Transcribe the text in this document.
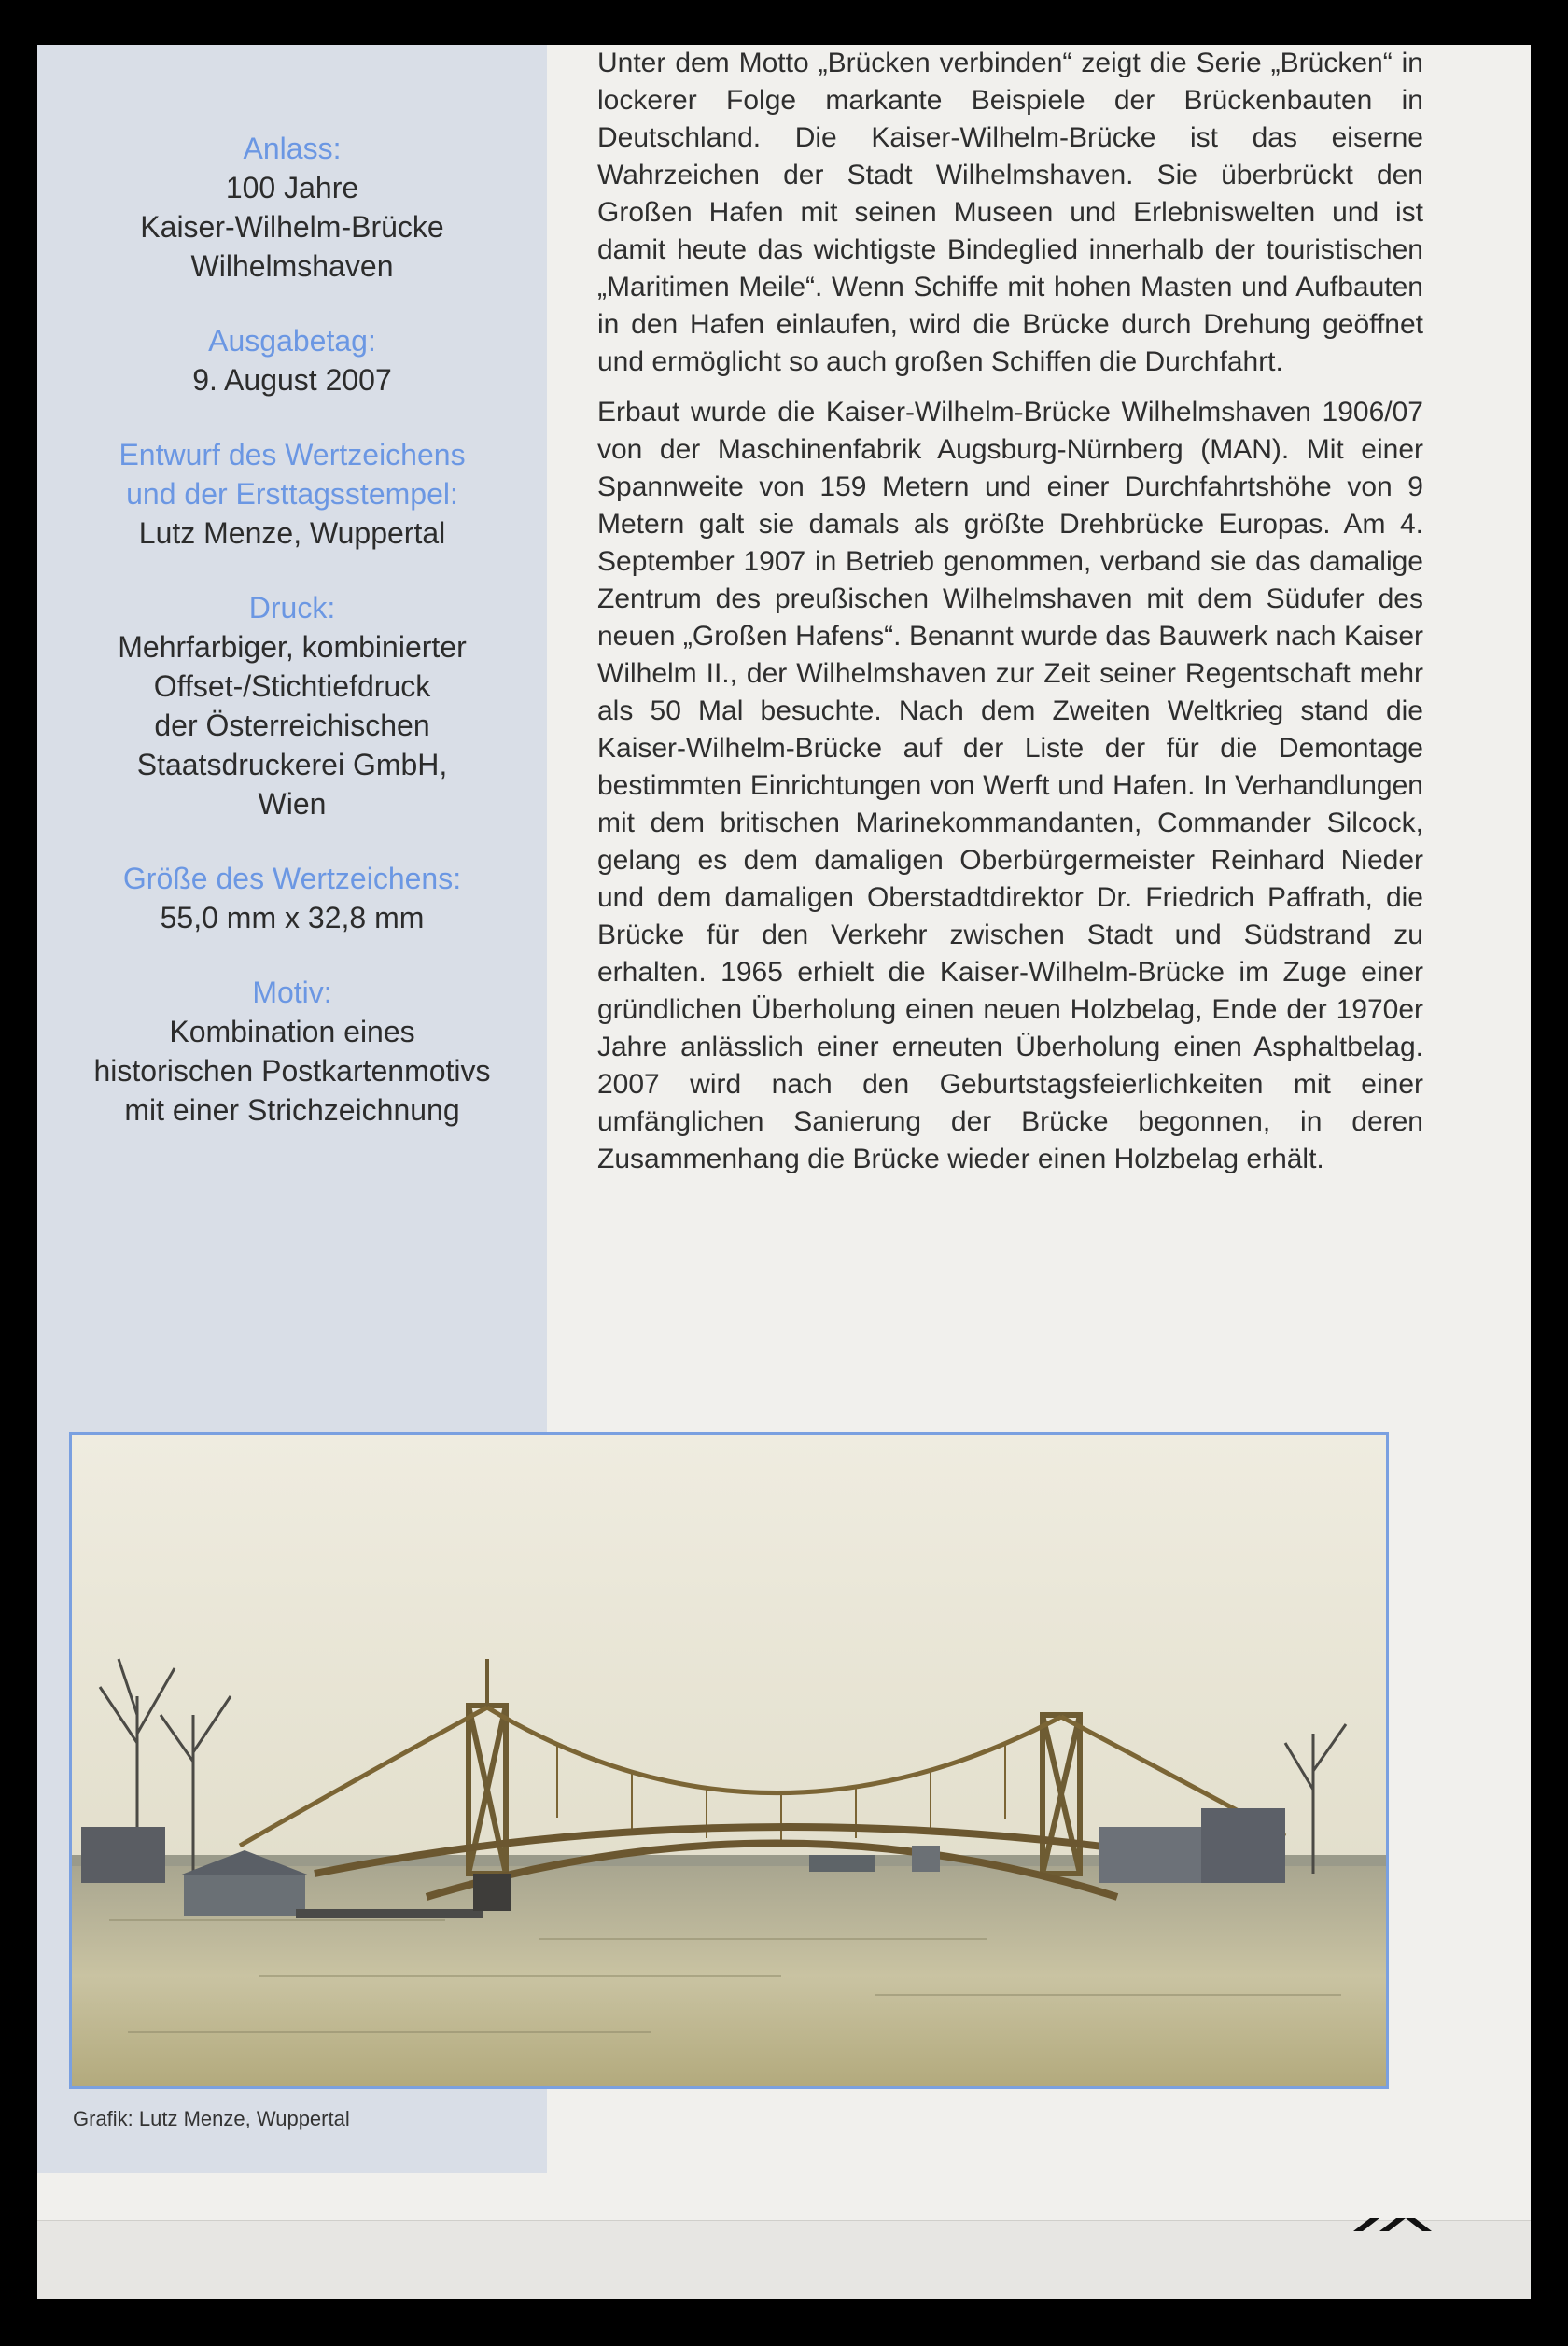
Anlass:
100 Jahre
Kaiser-Wilhelm-Brücke
Wilhelmshaven
Ausgabetag:
9. August 2007
Entwurf des Wertzeichens
und der Ersttagsstempel:
Lutz Menze, Wuppertal
Druck:
Mehrfarbiger, kombinierter
Offset-/Stichtiefdruck
der Österreichischen
Staatsdruckerei GmbH,
Wien
Größe des Wertzeichens:
55,0 mm x 32,8 mm
Motiv:
Kombination eines
historischen Postkartenmotivs
mit einer Strichzeichnung

Unter dem Motto „Brücken verbinden“ zeigt die Serie „Brücken“ in lockerer Folge markante Beispiele der Brückenbauten in Deutschland. Die Kaiser-Wilhelm-Brücke ist das eiserne Wahrzeichen der Stadt Wilhelmshaven. Sie überbrückt den Großen Hafen mit seinen Museen und Erlebniswelten und ist damit heute das wichtigste Bindeglied innerhalb der touristischen „Maritimen Meile“. Wenn Schiffe mit hohen Masten und Aufbauten in den Hafen einlaufen, wird die Brücke durch Drehung geöffnet und ermöglicht so auch großen Schiffen die Durchfahrt.

Erbaut wurde die Kaiser-Wilhelm-Brücke Wilhelmshaven 1906/07 von der Maschinenfabrik Augsburg-Nürnberg (MAN). Mit einer Spannweite von 159 Metern und einer Durchfahrtshöhe von 9 Metern galt sie damals als größte Drehbrücke Europas. Am 4. September 1907 in Betrieb genommen, verband sie das damalige Zentrum des preußischen Wilhelmshaven mit dem Südufer des neuen „Großen Hafens“. Benannt wurde das Bauwerk nach Kaiser Wilhelm II., der Wilhelmshaven zur Zeit seiner Regentschaft mehr als 50 Mal besuchte. Nach dem Zweiten Weltkrieg stand die Kaiser-Wilhelm-Brücke auf der Liste der für die Demontage bestimmten Einrichtungen von Werft und Hafen. In Verhandlungen mit dem britischen Marinekommandanten, Commander Silcock, gelang es dem damaligen Oberbürgermeister Reinhard Nieder und dem damaligen Oberstadtdirektor Dr. Friedrich Paffrath, die Brücke für den Verkehr zwischen Stadt und Südstrand zu erhalten. 1965 erhielt die Kaiser-Wilhelm-Brücke im Zuge einer gründlichen Überholung einen neuen Holzbelag, Ende der 1970er Jahre anlässlich einer erneuten Überholung einen Asphaltbelag. 2007 wird nach den Geburtstagsfeierlichkeiten mit einer umfänglichen Sanierung der Brücke begonnen, in deren Zusammenhang die Brücke wieder einen Holzbelag erhält.

Grafik: Lutz Menze, Wuppertal
